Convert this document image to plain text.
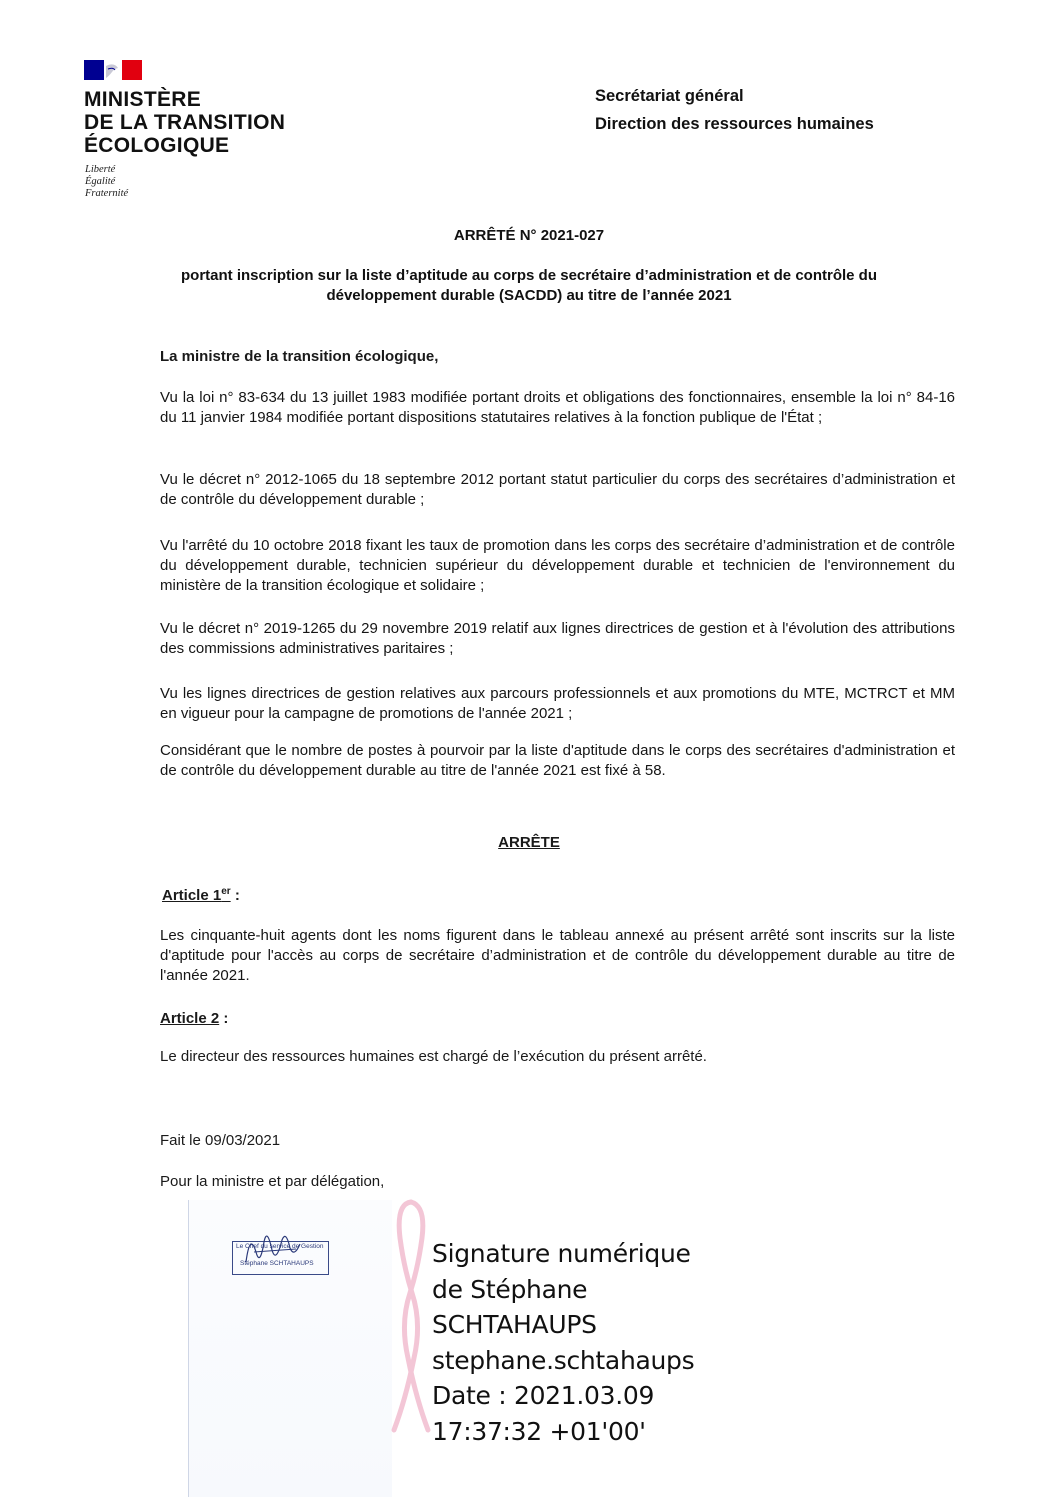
MINISTÈRE
DE LA TRANSITION
ÉCOLOGIQUE
Liberté
Égalité
Fraternité
Secrétariat général
Direction des ressources humaines
ARRÊTÉ N° 2021-027
portant inscription sur la liste d’aptitude au corps de secrétaire d’administration et de contrôle du
développement durable (SACDD) au titre de l’année 2021
La ministre de la transition écologique,
Vu la loi n° 83-634 du 13 juillet 1983 modifiée portant droits et obligations des fonctionnaires, ensemble la loi n° 84-16 du 11 janvier 1984 modifiée portant dispositions statutaires relatives à la fonction publique de l'État ;
Vu le décret n° 2012-1065 du 18 septembre 2012 portant statut particulier du corps des secrétaires d’administration et de contrôle du développement durable ;
Vu l'arrêté du 10 octobre 2018 fixant les taux de promotion dans les corps des secrétaire d’administration et de contrôle du développement durable, technicien supérieur du développement durable et technicien de l'environnement du ministère de la transition écologique et solidaire ;
Vu le décret n° 2019-1265 du 29 novembre 2019 relatif aux lignes directrices de gestion et à l'évolution des attributions des commissions administratives paritaires ;
Vu les lignes directrices de gestion relatives aux parcours professionnels et aux promotions du MTE, MCTRCT et MM en vigueur pour la campagne de promotions de l'année 2021 ;
Considérant que le nombre de postes à pourvoir par la liste d'aptitude dans le corps des secrétaires d'administration et de contrôle du développement durable au titre de l'année 2021 est fixé à 58.
ARRÊTE
Article 1er :
Les cinquante-huit agents dont les noms figurent dans le tableau annexé au présent arrêté sont inscrits sur la liste d'aptitude pour l'accès au corps de secrétaire d’administration et de contrôle du développement durable au titre de l'année 2021.
Article 2 :
Le directeur des ressources humaines est chargé de l’exécution du présent arrêté.
Fait le 09/03/2021
Pour la ministre et par délégation,
Le Chef du service de Gestion
Stéphane SCHTAHAUPS	Signature numérique
de Stéphane
SCHTAHAUPS
stephane.schtahaups
Date : 2021.03.09
17:37:32 +01'00'
